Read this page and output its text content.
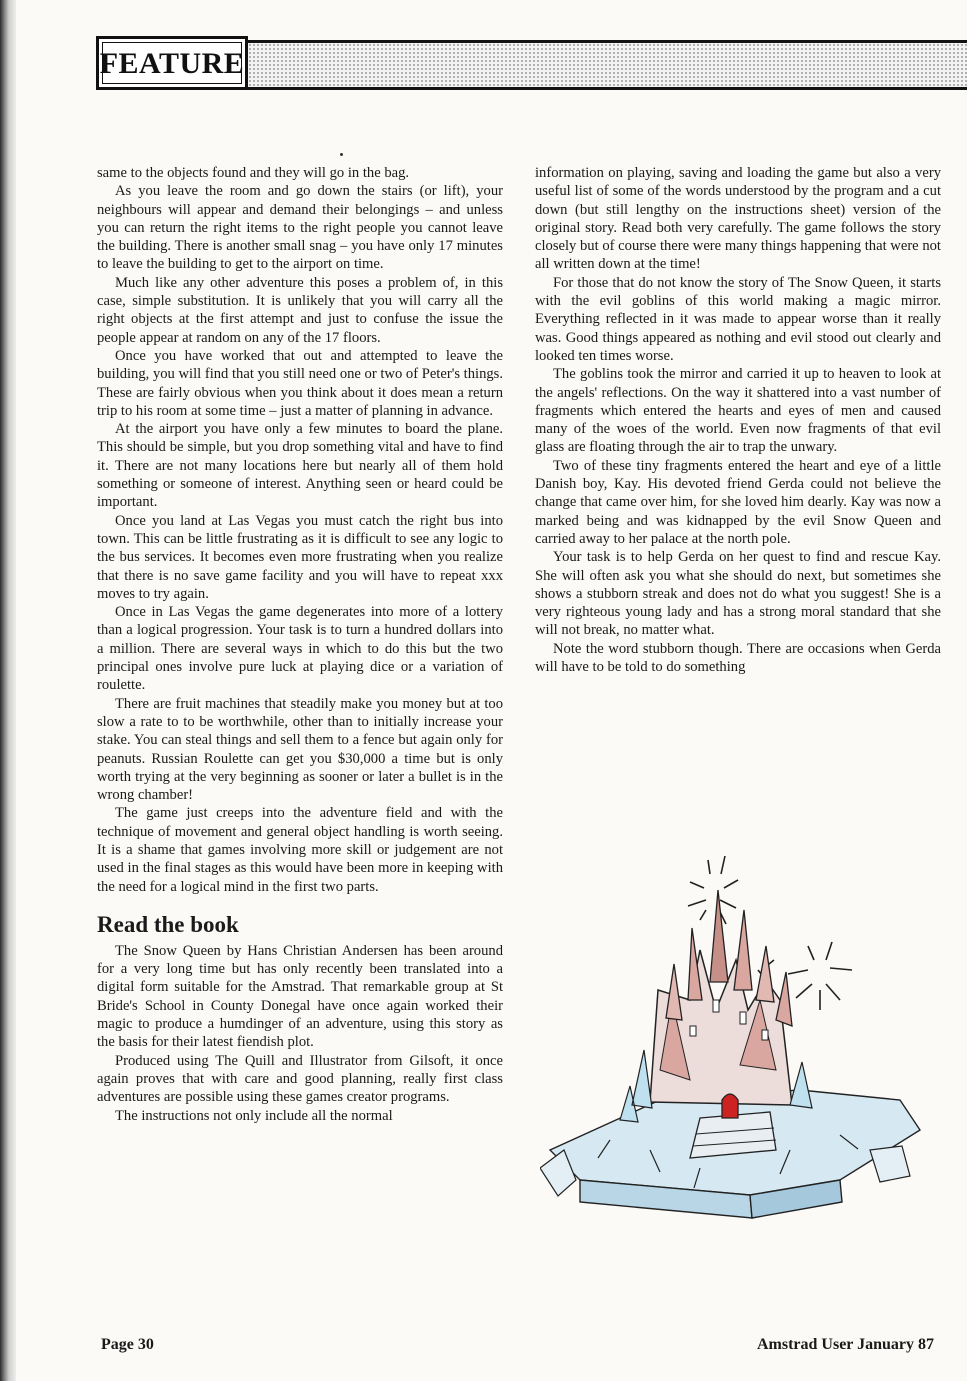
FEATURE

same to the objects found and they will go in the bag.

As you leave the room and go down the stairs (or lift), your neighbours will appear and demand their belongings – and unless you can return the right items to the right people you cannot leave the building. There is another small snag – you have only 17 minutes to leave the building to get to the airport on time.

Much like any other adventure this poses a problem of, in this case, simple substitution. It is unlikely that you will carry all the right objects at the first attempt and just to confuse the issue the people appear at random on any of the 17 floors.

Once you have worked that out and attempted to leave the building, you will find that you still need one or two of Peter's things. These are fairly obvious when you think about it does mean a return trip to his room at some time – just a matter of planning in advance.

At the airport you have only a few minutes to board the plane. This should be simple, but you drop something vital and have to find it. There are not many locations here but nearly all of them hold something or someone of interest. Anything seen or heard could be important.

Once you land at Las Vegas you must catch the right bus into town. This can be little frustrating as it is difficult to see any logic to the bus services. It becomes even more frustrating when you realize that there is no save game facility and you will have to repeat xxx moves to try again.

Once in Las Vegas the game degenerates into more of a lottery than a logical progression. Your task is to turn a hundred dollars into a million. There are several ways in which to do this but the two principal ones involve pure luck at playing dice or a variation of roulette.

There are fruit machines that steadily make you money but at too slow a rate to to be worthwhile, other than to initially increase your stake. You can steal things and sell them to a fence but again only for peanuts. Russian Roulette can get you $30,000 a time but is only worth trying at the very beginning as sooner or later a bullet is in the wrong chamber!

The game just creeps into the adventure field and with the technique of movement and general object handling is worth seeing. It is a shame that games involving more skill or judgement are not used in the final stages as this would have been more in keeping with the need for a logical mind in the first two parts.

Read the book

The Snow Queen by Hans Christian Andersen has been around for a very long time but has only recently been translated into a digital form suitable for the Amstrad. That remarkable group at St Bride's School in County Donegal have once again worked their magic to produce a humdinger of an adventure, using this story as the basis for their latest fiendish plot.

Produced using The Quill and Illustrator from Gilsoft, it once again proves that with care and good planning, really first class adventures are possible using these games creator programs.

The instructions not only include all the normal

information on playing, saving and loading the game but also a very useful list of some of the words understood by the program and a cut down (but still lengthy on the instructions sheet) version of the original story. Read both very carefully. The game follows the story closely but of course there were many things happening that were not all written down at the time!

For those that do not know the story of The Snow Queen, it starts with the evil goblins of this world making a magic mirror. Everything reflected in it was made to appear worse than it really was. Good things appeared as nothing and evil stood out clearly and looked ten times worse.

The goblins took the mirror and carried it up to heaven to look at the angels' reflections. On the way it shattered into a vast number of fragments which entered the hearts and eyes of men and caused many of the woes of the world. Even now fragments of that evil glass are floating through the air to trap the unwary.

Two of these tiny fragments entered the heart and eye of a little Danish boy, Kay. His devoted friend Gerda could not believe the change that came over him, for she loved him dearly. Kay was now a marked being and was kidnapped by the evil Snow Queen and carried away to her palace at the north pole.

Your task is to help Gerda on her quest to find and rescue Kay. She will often ask you what she should do next, but sometimes she shows a stubborn streak and does not do what you suggest! She is a very righteous young lady and has a strong moral standard that she will not break, no matter what.

Note the word stubborn though. There are occasions when Gerda will have to be told to do something

Page 30	Amstrad User January 87
